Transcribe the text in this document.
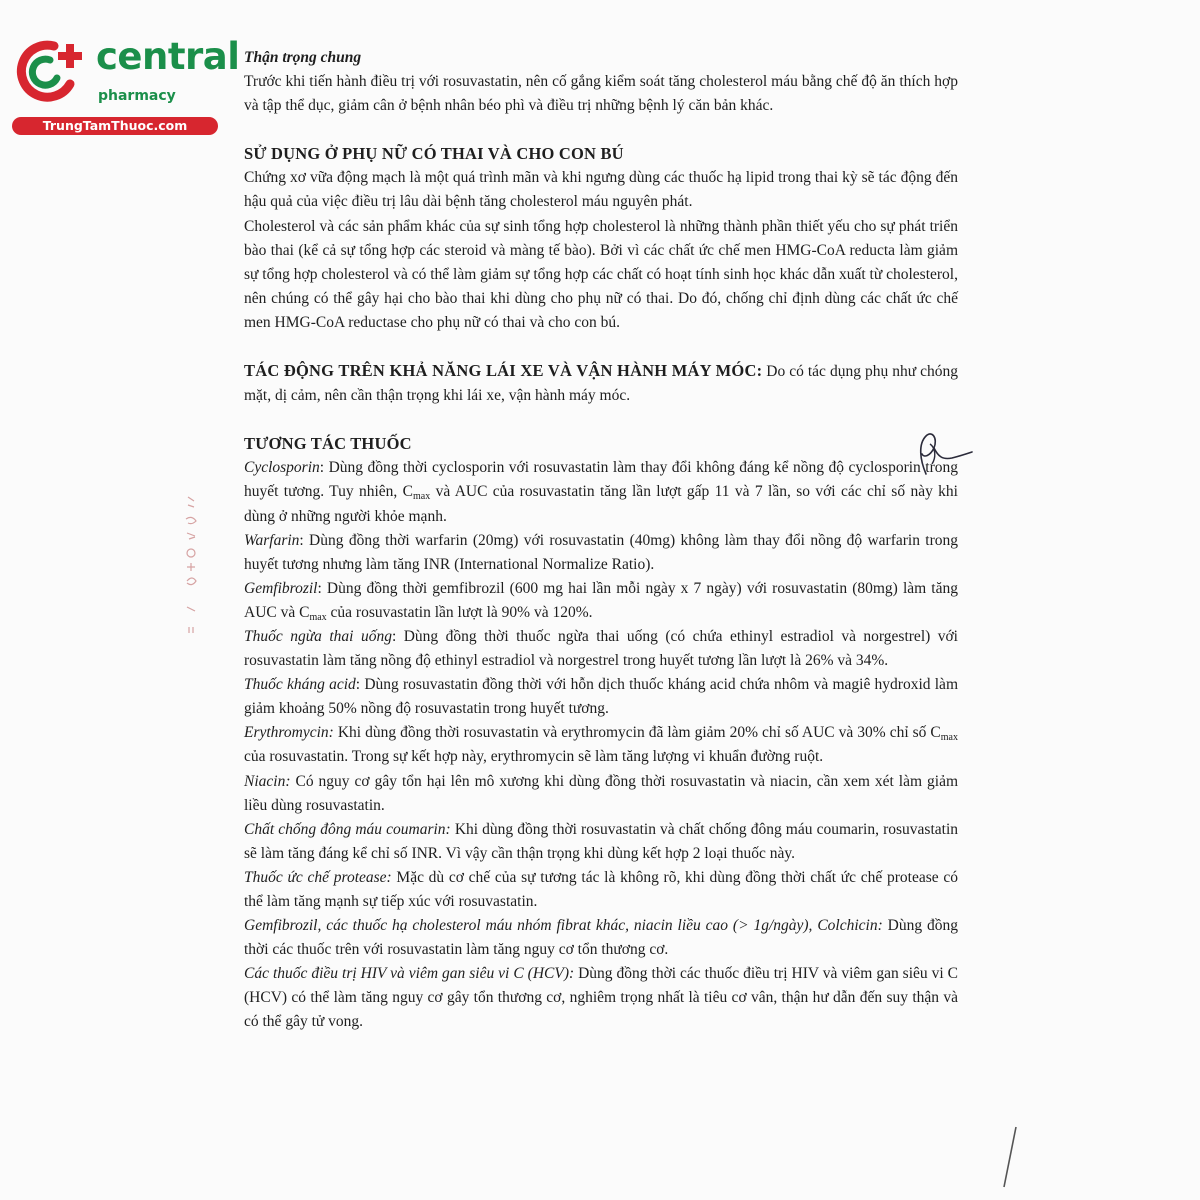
central
pharmacy
TrungTamThuoc.com

Thận trọng chung

Trước khi tiến hành điều trị với rosuvastatin, nên cố gắng kiểm soát tăng cholesterol máu bằng chế độ ăn thích hợp và tập thể dục, giảm cân ở bệnh nhân béo phì và điều trị những bệnh lý căn bản khác.

SỬ DỤNG Ở PHỤ NỮ CÓ THAI VÀ CHO CON BÚ

Chứng xơ vữa động mạch là một quá trình mãn và khi ngưng dùng các thuốc hạ lipid trong thai kỳ sẽ tác động đến hậu quả của việc điều trị lâu dài bệnh tăng cholesterol máu nguyên phát.

Cholesterol và các sản phẩm khác của sự sinh tổng hợp cholesterol là những thành phần thiết yếu cho sự phát triển bào thai (kể cả sự tổng hợp các steroid và màng tế bào). Bởi vì các chất ức chế men HMG-CoA reducta làm giảm sự tổng hợp cholesterol và có thể làm giảm sự tổng hợp các chất có hoạt tính sinh học khác dẫn xuất từ cholesterol, nên chúng có thể gây hại cho bào thai khi dùng cho phụ nữ có thai. Do đó, chống chỉ định dùng các chất ức chế men HMG-CoA reductase cho phụ nữ có thai và cho con bú.

TÁC ĐỘNG TRÊN KHẢ NĂNG LÁI XE VÀ VẬN HÀNH MÁY MÓC: Do có tác dụng phụ như chóng mặt, dị cảm, nên cần thận trọng khi lái xe, vận hành máy móc.

TƯƠNG TÁC THUỐC

Cyclosporin: Dùng đồng thời cyclosporin với rosuvastatin làm thay đổi không đáng kể nồng độ cyclosporin trong huyết tương. Tuy nhiên, $C_{max}$ và AUC của rosuvastatin tăng lần lượt gấp 11 và 7 lần, so với các chỉ số này khi dùng ở những người khỏe mạnh.

Warfarin: Dùng đồng thời warfarin (20mg) với rosuvastatin (40mg) không làm thay đổi nồng độ warfarin trong huyết tương nhưng làm tăng INR (International Normalize Ratio).

Gemfibrozil: Dùng đồng thời gemfibrozil (600 mg hai lần mỗi ngày x 7 ngày) với rosuvastatin (80mg) làm tăng AUC và $C_{max}$ của rosuvastatin lần lượt là 90% và 120%.

Thuốc ngừa thai uống: Dùng đồng thời thuốc ngừa thai uống (có chứa ethinyl estradiol và norgestrel) với rosuvastatin làm tăng nồng độ ethinyl estradiol và norgestrel trong huyết tương lần lượt là 26% và 34%.

Thuốc kháng acid: Dùng rosuvastatin đồng thời với hỗn dịch thuốc kháng acid chứa nhôm và magiê hydroxid làm giảm khoảng 50% nồng độ rosuvastatin trong huyết tương.

Erythromycin: Khi dùng đồng thời rosuvastatin và erythromycin đã làm giảm 20% chỉ số AUC và 30% chỉ số $C_{max}$ của rosuvastatin. Trong sự kết hợp này, erythromycin sẽ làm tăng lượng vi khuẩn đường ruột.

Niacin: Có nguy cơ gây tổn hại lên mô xương khi dùng đồng thời rosuvastatin và niacin, cần xem xét làm giảm liều dùng rosuvastatin.

Chất chống đông máu coumarin: Khi dùng đồng thời rosuvastatin và chất chống đông máu coumarin, rosuvastatin sẽ làm tăng đáng kể chỉ số INR. Vì vậy cần thận trọng khi dùng kết hợp 2 loại thuốc này.

Thuốc ức chế protease: Mặc dù cơ chế của sự tương tác là không rõ, khi dùng đồng thời chất ức chế protease có thể làm tăng mạnh sự tiếp xúc với rosuvastatin.

Gemfibrozil, các thuốc hạ cholesterol máu nhóm fibrat khác, niacin liều cao (> 1g/ngày), Colchicin: Dùng đồng thời các thuốc trên với rosuvastatin làm tăng nguy cơ tổn thương cơ.

Các thuốc điều trị HIV và viêm gan siêu vi C (HCV): Dùng đồng thời các thuốc điều trị HIV và viêm gan siêu vi C (HCV) có thể làm tăng nguy cơ gây tổn thương cơ, nghiêm trọng nhất là tiêu cơ vân, thận hư dẫn đến suy thận và có thể gây tử vong.
